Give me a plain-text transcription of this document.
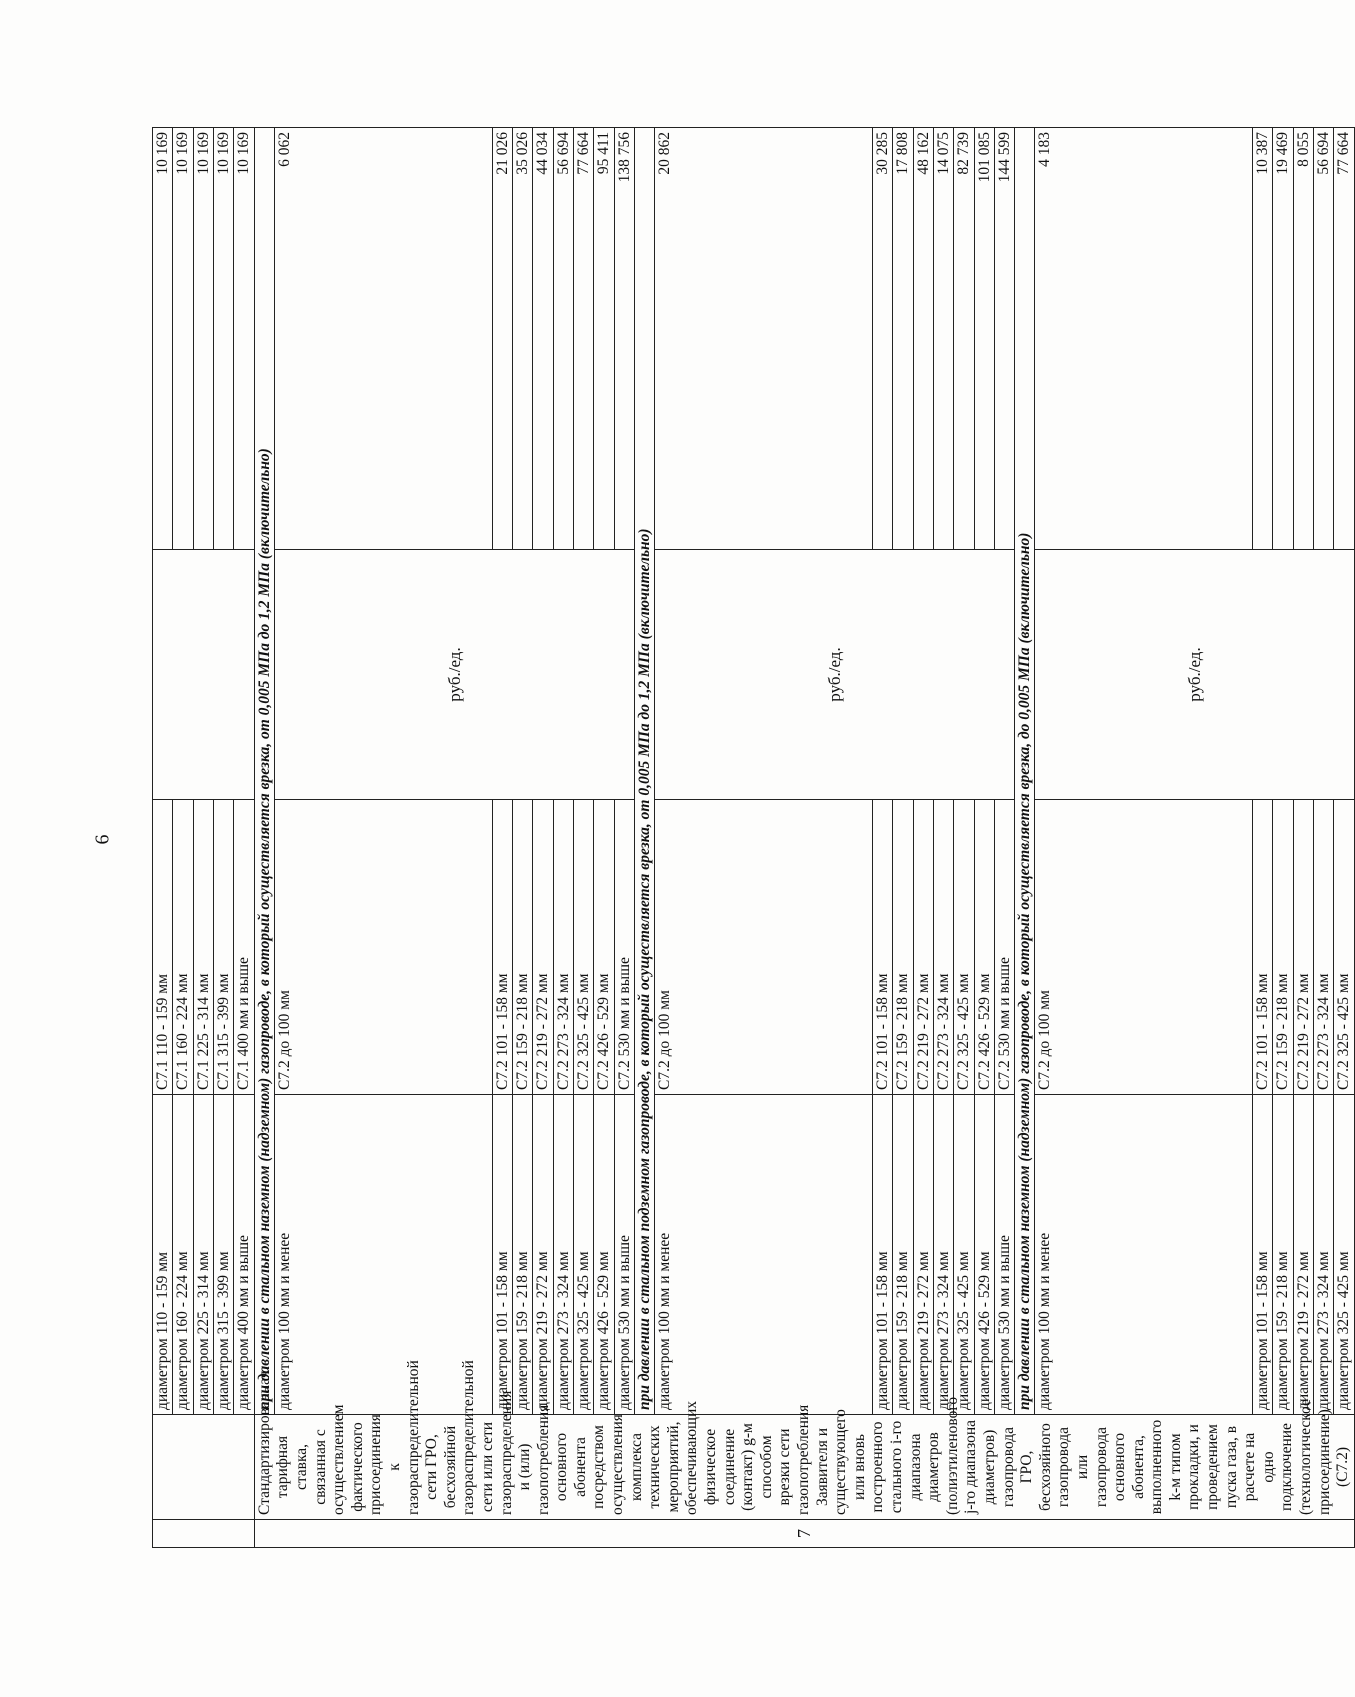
6
		диаметром 110 - 159 мм	С7.1 110 - 159 мм		10 169
		диаметром 160 - 224 мм	С7.1 160 - 224 мм		10 169
		диаметром 225 - 314 мм	С7.1 225 - 314 мм		10 169
		диаметром 315 - 399 мм	С7.1 315 - 399 мм		10 169
		диаметром 400 мм и выше	С7.1 400 мм и выше		10 169
7	Стандартизированная тарифная ставка, связанная с осуществлением фактического присоединения к газораспределительной сети ГРО, бесхозяйной газораспределительной сети или сети газораспределения и (или) газопотребления основного абонента посредством осуществления комплекса технических мероприятий, обеспечивающих физическое соединение (контакт) g-м способом врезки сети газопотребления Заявителя и существующего или вновь построенного стального i-го диапазона диаметров (полиэтиленового j-го диапазона диаметров) газопровода ГРО, бесхозяйного газопровода или газопровода основного абонента, выполненного k-м типом прокладки, и проведением пуска газа, в расчете на одно подключение (технологическое присоединение) (С7.2)	при давлении в стальном наземном (надземном) газопроводе, в который осуществляется врезка, от 0,005 МПа до 1,2 МПа (включительно)			
		диаметром 100 мм и менее	С7.2 до 100 мм	руб./ед.	6 062
		диаметром 101 - 158 мм	С7.2 101 - 158 мм		21 026
		диаметром 159 - 218 мм	С7.2 159 - 218 мм		35 026
		диаметром 219 - 272 мм	С7.2 219 - 272 мм		44 034
		диаметром 273 - 324 мм	С7.2 273 - 324 мм		56 694
		диаметром 325 - 425 мм	С7.2 325 - 425 мм		77 664
		диаметром 426 - 529 мм	С7.2 426 - 529 мм		95 411
		диаметром 530 мм и выше	С7.2 530 мм и выше		138 756
		при давлении в стальном подземном газопроводе, в который осуществляется врезка, от 0,005 МПа до 1,2 МПа (включительно)			
		диаметром 100 мм и менее	С7.2 до 100 мм	руб./ед.	20 862
		диаметром 101 - 158 мм	С7.2 101 - 158 мм		30 285
		диаметром 159 - 218 мм	С7.2 159 - 218 мм		17 808
		диаметром 219 - 272 мм	С7.2 219 - 272 мм		48 162
		диаметром 273 - 324 мм	С7.2 273 - 324 мм		14 075
		диаметром 325 - 425 мм	С7.2 325 - 425 мм		82 739
		диаметром 426 - 529 мм	С7.2 426 - 529 мм		101 085
		диаметром 530 мм и выше	С7.2 530 мм и выше		144 599
		при давлении в стальном наземном (надземном) газопроводе, в который осуществляется врезка, до 0,005 МПа (включительно)			
		диаметром 100 мм и менее	С7.2 до 100 мм	руб./ед.	4 183
		диаметром 101 - 158 мм	С7.2 101 - 158 мм		10 387
		диаметром 159 - 218 мм	С7.2 159 - 218 мм		19 469
		диаметром 219 - 272 мм	С7.2 219 - 272 мм		8 055
		диаметром 273 - 324 мм	С7.2 273 - 324 мм		56 694
		диаметром 325 - 425 мм	С7.2 325 - 425 мм		77 664
